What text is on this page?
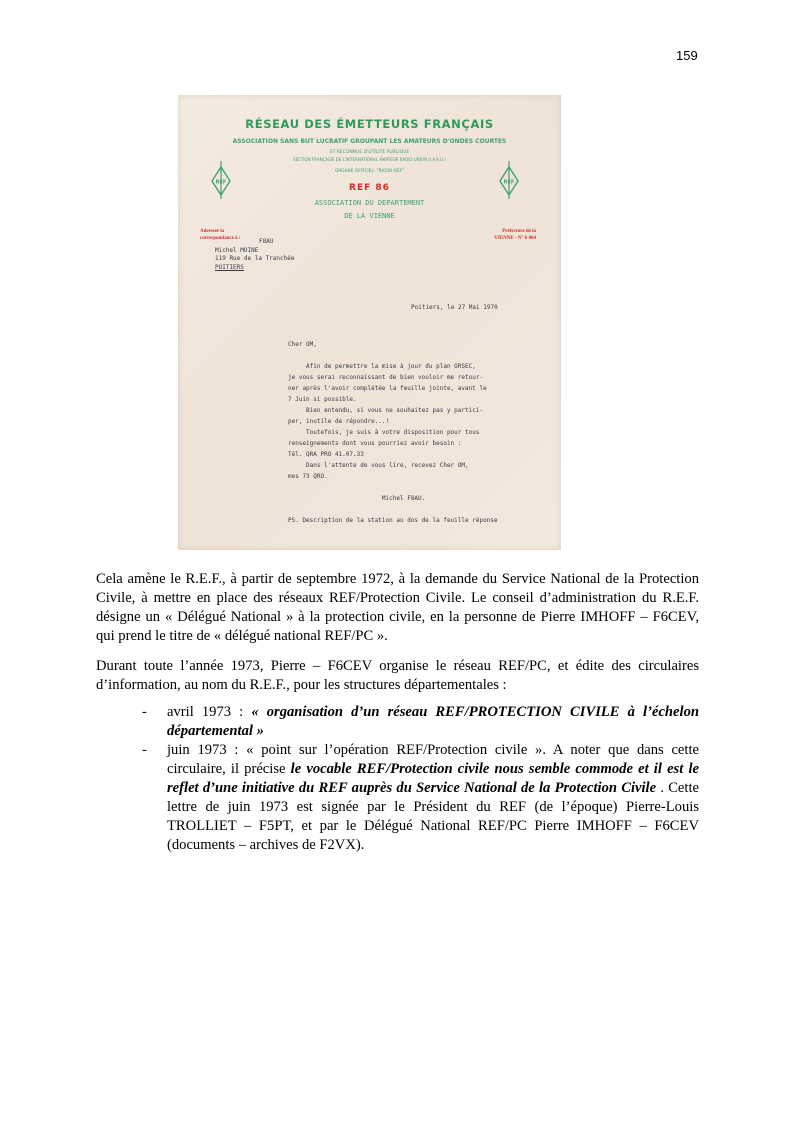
159
RÉSEAU DES ÉMETTEURS FRANÇAIS
ASSOCIATION SANS BUT LUCRATIF GROUPANT LES AMATEURS D'ONDES COURTES
ET RECONNUE D'UTILITÉ PUBLIQUE
SECTION FRANÇAISE DE L'INTERNATIONAL AMATEUR RADIO UNION (I.A.R.U.)
ORGANE OFFICIEL: "RADIO-REF"
REF 86
ASSOCIATION DU DEPARTEMENT
DE LA VIENNE
REF	REF
Adresser la
correspondance à :
Préfecture de la
VIENNE - N° 6 004
F8AU
Michel MOINE
119 Rue de la Tranchée
POITIERS
Poitiers, le 27 Mai 1970
Cher OM,

Afin de permettre la mise à jour du plan ORSEC,
je vous serai reconnaissant de bien vouloir me retour-
ner après l'avoir complétée la feuille jointe, avant le
7 Juin si possible.
Bien entendu, si vous ne souhaitez pas y partici-
per, inutile de répondre...!
Toutefois, je suis à votre disposition pour tous
renseignements dont vous pourriez avoir besoin :
Tél. QRA PRO 41.07.33
Dans l'attente de vous lire, recevez Cher OM,
mes 73 QRO.

Michel F8AU.

PS. Description de la station au dos de la feuille réponse
Cela amène le R.E.F., à partir de septembre 1972, à la demande du Service National de la Protection Civile, à mettre en place des réseaux REF/Protection Civile. Le conseil d’administration du R.E.F. désigne un « Délégué National » à la protection civile, en la personne de Pierre IMHOFF – F6CEV, qui prend le titre de « délégué national REF/PC ».
Durant toute l’année 1973, Pierre – F6CEV organise le réseau REF/PC, et édite des circulaires d’information, au nom du R.E.F., pour les structures départementales :
- avril 1973 : « organisation d’un réseau REF/PROTECTION CIVILE à l’échelon départemental »
- juin 1973 : « point sur l’opération REF/Protection civile ». A noter que dans cette circulaire, il précise le vocable REF/Protection civile nous semble commode et il est le reflet d’une initiative du REF auprès du Service National de la Protection Civile . Cette lettre de juin 1973 est signée par le Président du REF (de l’époque) Pierre-Louis TROLLIET – F5PT, et par le Délégué National REF/PC Pierre IMHOFF – F6CEV (documents – archives de F2VX).
